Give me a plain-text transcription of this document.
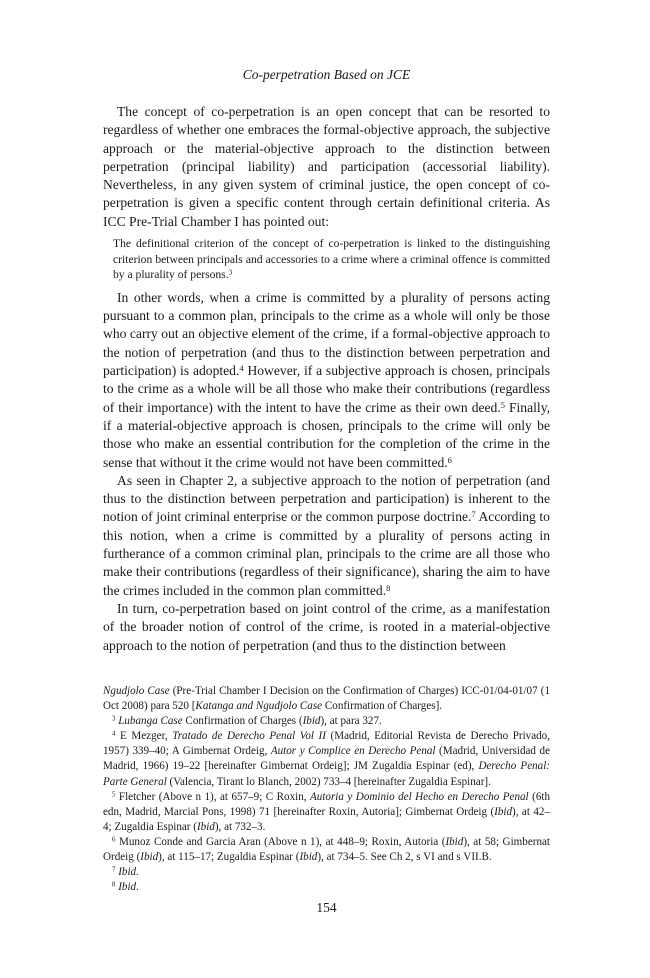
Co-perpetration Based on JCE

The concept of co-perpetration is an open concept that can be resorted to regardless of whether one embraces the formal-objective approach, the subjective approach or the material-objective approach to the distinction between perpetration (principal liability) and participation (accessorial liability). Nevertheless, in any given system of criminal justice, the open concept of co-perpetration is given a specific content through certain definitional criteria. As ICC Pre-Trial Chamber I has pointed out:

The definitional criterion of the concept of co-perpetration is linked to the distinguishing criterion between principals and accessories to a crime where a criminal offence is committed by a plurality of persons.$^3$

In other words, when a crime is committed by a plurality of persons acting pursuant to a common plan, principals to the crime as a whole will only be those who carry out an objective element of the crime, if a formal-objective approach to the notion of perpetration (and thus to the distinction between perpetration and participation) is adopted.$^4$ However, if a subjective approach is chosen, principals to the crime as a whole will be all those who make their contributions (regardless of their importance) with the intent to have the crime as their own deed.$^5$ Finally, if a material-objective approach is chosen, principals to the crime will only be those who make an essential contribution for the completion of the crime in the sense that without it the crime would not have been committed.$^6$

As seen in Chapter 2, a subjective approach to the notion of perpetration (and thus to the distinction between perpetration and participation) is inherent to the notion of joint criminal enterprise or the common purpose doctrine.$^7$ According to this notion, when a crime is committed by a plurality of persons acting in furtherance of a common criminal plan, principals to the crime are all those who make their contributions (regardless of their significance), sharing the aim to have the crimes included in the common plan committed.$^8$

In turn, co-perpetration based on joint control of the crime, as a manifestation of the broader notion of control of the crime, is rooted in a material-objective approach to the notion of perpetration (and thus to the distinction between

Ngudjolo Case (Pre-Trial Chamber I Decision on the Confirmation of Charges) ICC-01/04-01/07 (1 Oct 2008) para 520 [Katanga and Ngudjolo Case Confirmation of Charges].

$^3$ Lubanga Case Confirmation of Charges (Ibid), at para 327.

$^4$ E Mezger, Tratado de Derecho Penal Vol II (Madrid, Editorial Revista de Derecho Privado, 1957) 339–40; A Gimbernat Ordeig, Autor y Complice en Derecho Penal (Madrid, Universidad de Madrid, 1966) 19–22 [hereinafter Gimbernat Ordeig]; JM Zugaldia Espinar (ed), Derecho Penal: Parte General (Valencia, Tirant lo Blanch, 2002) 733–4 [hereinafter Zugaldia Espinar].

$^5$ Fletcher (Above n 1), at 657–9; C Roxin, Autoria y Dominio del Hecho en Derecho Penal (6th edn, Madrid, Marcial Pons, 1998) 71 [hereinafter Roxin, Autoria]; Gimbernat Ordeig (Ibid), at 42–4; Zugaldia Espinar (Ibid), at 732–3.

$^6$ Munoz Conde and Garcia Aran (Above n 1), at 448–9; Roxin, Autoria (Ibid), at 58; Gimbernat Ordeig (Ibid), at 115–17; Zugaldia Espinar (Ibid), at 734–5. See Ch 2, s VI and s VII.B.

$^7$ Ibid.

$^8$ Ibid.

154
